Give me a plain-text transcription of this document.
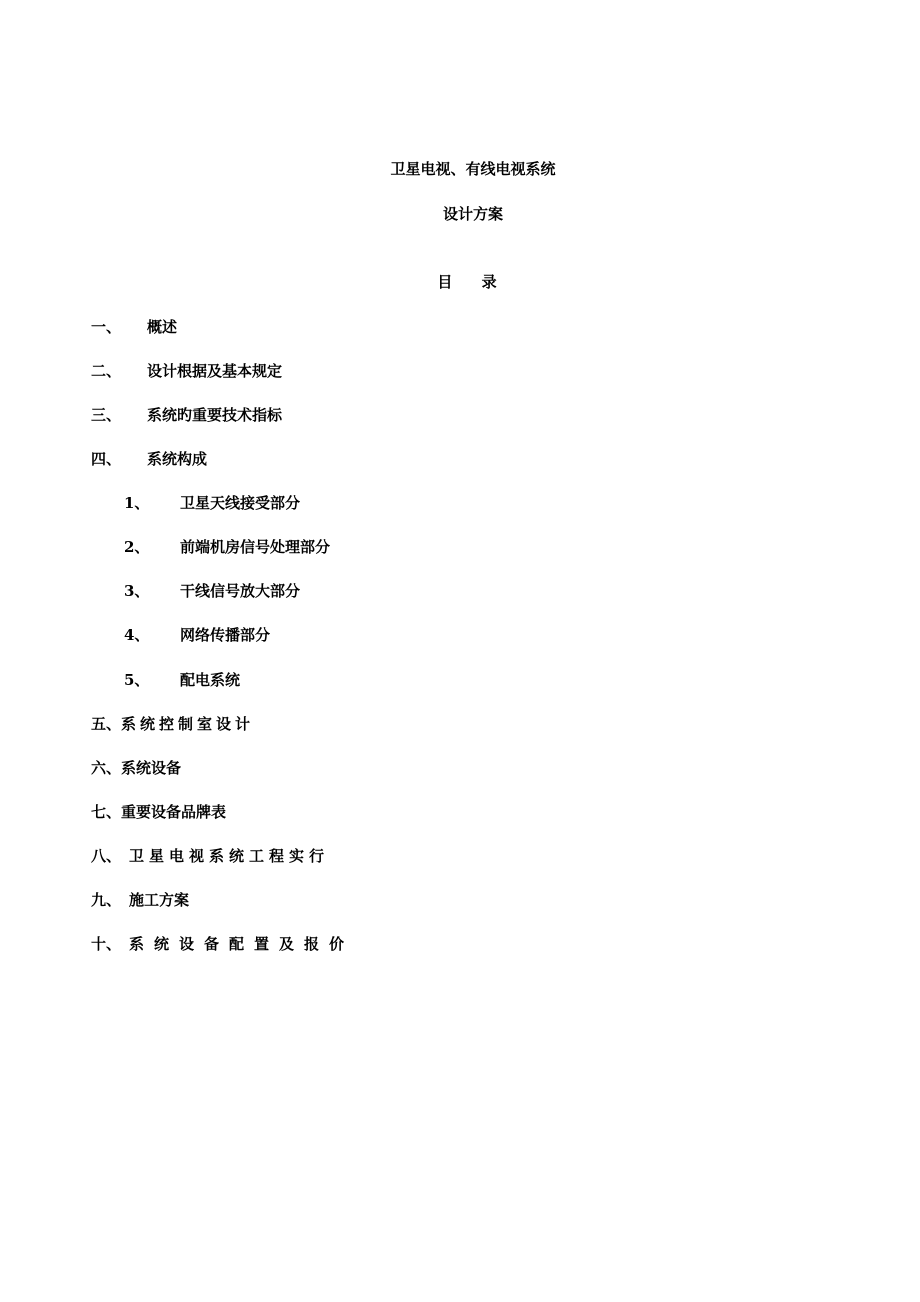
卫星电视、有线电视系统
设计方案
目 录
一、 概述
二、 设计根据及基本规定
三、 系统旳重要技术指标
四、 系统构成
1、 卫星天线接受部分
2、 前端机房信号处理部分
3、 干线信号放大部分
4、 网络传播部分
5、 配电系统
五、系统控制室设计
六、系统设备
七、重要设备品牌表
八、 卫星电视系统工程实行
九、 施工方案
十、 系统设备配置及报价
